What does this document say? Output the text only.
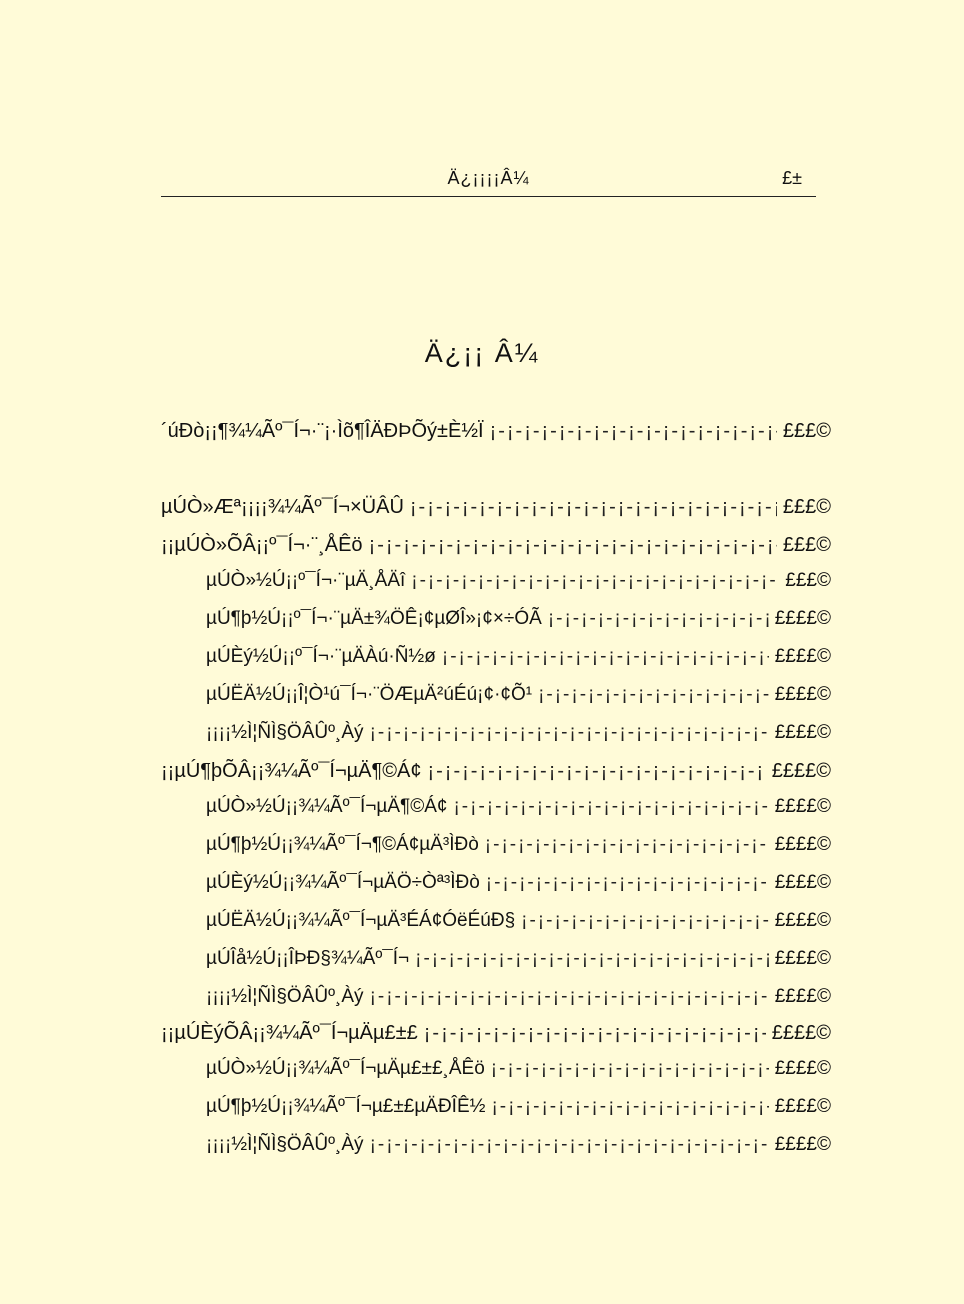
Ä¿¡¡¡¡Â¼	£±
Ä¿¡¡ Â¼
´úÐò¡¡¶¾¼Ãº¯Í¬·¨¡·Ìõ¶ÎÄÐÞÕý±È½Ï ¡-¡-¡-¡-¡-¡-¡-¡-¡-¡-¡-¡-¡-¡-¡-¡-¡-¡-¡-¡-¡-¡-¡-¡-¡-¡-¡-¡-¡-¡-¡-¡-¡-¡-¡-¡-	£££©
µÚÒ»Æª¡¡¡¡¾¼Ãº¯Í¬×ÜÂÛ ¡-¡-¡-¡-¡-¡-¡-¡-¡-¡-¡-¡-¡-¡-¡-¡-¡-¡-¡-¡-¡-¡-¡-¡-¡-¡-¡-¡-¡-¡-¡-¡-¡-¡-¡-¡-	£££©
¡¡µÚÒ»ÕÂ¡¡º¯Í¬·¨¸ÅÊö ¡-¡-¡-¡-¡-¡-¡-¡-¡-¡-¡-¡-¡-¡-¡-¡-¡-¡-¡-¡-¡-¡-¡-¡-¡-¡-¡-¡-¡-¡-¡-¡-¡-¡-¡-¡-	£££©
µÚÒ»½Ú¡¡º¯Í¬·¨µÄ¸ÅÄî ¡-¡-¡-¡-¡-¡-¡-¡-¡-¡-¡-¡-¡-¡-¡-¡-¡-¡-¡-¡-¡-¡-¡-¡-¡-¡-¡-¡-¡-¡-¡-¡-¡-¡-¡-¡-	£££©
µÚ¶þ½Ú¡¡º¯Í¬·¨µÄ±¾ÖÊ¡¢µØÎ»¡¢×÷ÓÃ ¡-¡-¡-¡-¡-¡-¡-¡-¡-¡-¡-¡-¡-¡-¡-¡-¡-¡-¡-¡-¡-¡-¡-¡-¡-¡-¡-¡-¡-¡-¡-¡-¡-¡-¡-¡-	££££©
µÚÈý½Ú¡¡º¯Í¬·¨µÄÀú·Ñ½ø ¡-¡-¡-¡-¡-¡-¡-¡-¡-¡-¡-¡-¡-¡-¡-¡-¡-¡-¡-¡-¡-¡-¡-¡-¡-¡-¡-¡-¡-¡-¡-¡-¡-¡-¡-¡-	££££©
µÚËÄ½Ú¡¡Î¦Ò¹ú¯Í¬·¨ÖÆµÄ²úÉú¡¢·¢Õ¹ ¡-¡-¡-¡-¡-¡-¡-¡-¡-¡-¡-¡-¡-¡-¡-¡-¡-¡-¡-¡-¡-¡-¡-¡-¡-¡-¡-¡-¡-¡-¡-¡-¡-¡-¡-¡-	££££©
¡¡¡¡½Ì¦ÑÌ§ÖÂÛº¸Àý ¡-¡-¡-¡-¡-¡-¡-¡-¡-¡-¡-¡-¡-¡-¡-¡-¡-¡-¡-¡-¡-¡-¡-¡-¡-¡-¡-¡-¡-¡-¡-¡-¡-¡-¡-¡-	££££©
¡¡µÚ¶þÕÂ¡¡¾¼Ãº¯Í¬µÄ¶©Á¢ ¡-¡-¡-¡-¡-¡-¡-¡-¡-¡-¡-¡-¡-¡-¡-¡-¡-¡-¡-¡-¡-¡-¡-¡-¡-¡-¡-¡-¡-¡-¡-¡-¡-¡-¡-¡-	££££©
µÚÒ»½Ú¡¡¾¼Ãº¯Í¬µÄ¶©Á¢ ¡-¡-¡-¡-¡-¡-¡-¡-¡-¡-¡-¡-¡-¡-¡-¡-¡-¡-¡-¡-¡-¡-¡-¡-¡-¡-¡-¡-¡-¡-¡-¡-¡-¡-¡-¡-	££££©
µÚ¶þ½Ú¡¡¾¼Ãº¯Í¬¶©Á¢µÄ³ÌÐò ¡-¡-¡-¡-¡-¡-¡-¡-¡-¡-¡-¡-¡-¡-¡-¡-¡-¡-¡-¡-¡-¡-¡-¡-¡-¡-¡-¡-¡-¡-¡-¡-¡-¡-¡-¡-	££££©
µÚÈý½Ú¡¡¾¼Ãº¯Í¬µÄÖ÷Òª³ÌÐò ¡-¡-¡-¡-¡-¡-¡-¡-¡-¡-¡-¡-¡-¡-¡-¡-¡-¡-¡-¡-¡-¡-¡-¡-¡-¡-¡-¡-¡-¡-¡-¡-¡-¡-¡-¡-	££££©
µÚËÄ½Ú¡¡¾¼Ãº¯Í¬µÄ³ÉÁ¢ÓëÉúÐ§ ¡-¡-¡-¡-¡-¡-¡-¡-¡-¡-¡-¡-¡-¡-¡-¡-¡-¡-¡-¡-¡-¡-¡-¡-¡-¡-¡-¡-¡-¡-¡-¡-¡-¡-¡-¡-	££££©
µÚÎå½Ú¡¡ÎÞÐ§¾¼Ãº¯Í¬ ¡-¡-¡-¡-¡-¡-¡-¡-¡-¡-¡-¡-¡-¡-¡-¡-¡-¡-¡-¡-¡-¡-¡-¡-¡-¡-¡-¡-¡-¡-¡-¡-¡-¡-¡-¡-	££££©
¡¡¡¡½Ì¦ÑÌ§ÖÂÛº¸Àý ¡-¡-¡-¡-¡-¡-¡-¡-¡-¡-¡-¡-¡-¡-¡-¡-¡-¡-¡-¡-¡-¡-¡-¡-¡-¡-¡-¡-¡-¡-¡-¡-¡-¡-¡-¡-	££££©
¡¡µÚÈýÕÂ¡¡¾¼Ãº¯Í¬µÄµ£±£ ¡-¡-¡-¡-¡-¡-¡-¡-¡-¡-¡-¡-¡-¡-¡-¡-¡-¡-¡-¡-¡-¡-¡-¡-¡-¡-¡-¡-¡-¡-¡-¡-¡-¡-¡-¡-	££££©
µÚÒ»½Ú¡¡¾¼Ãº¯Í¬µÄµ£±£¸ÅÊö ¡-¡-¡-¡-¡-¡-¡-¡-¡-¡-¡-¡-¡-¡-¡-¡-¡-¡-¡-¡-¡-¡-¡-¡-¡-¡-¡-¡-¡-¡-¡-¡-¡-¡-¡-¡-	££££©
µÚ¶þ½Ú¡¡¾¼Ãº¯Í¬µ£±£µÄÐÎÊ½ ¡-¡-¡-¡-¡-¡-¡-¡-¡-¡-¡-¡-¡-¡-¡-¡-¡-¡-¡-¡-¡-¡-¡-¡-¡-¡-¡-¡-¡-¡-¡-¡-¡-¡-¡-¡-	££££©
¡¡¡¡½Ì¦ÑÌ§ÖÂÛº¸Àý ¡-¡-¡-¡-¡-¡-¡-¡-¡-¡-¡-¡-¡-¡-¡-¡-¡-¡-¡-¡-¡-¡-¡-¡-¡-¡-¡-¡-¡-¡-¡-¡-¡-¡-¡-¡-	££££©
